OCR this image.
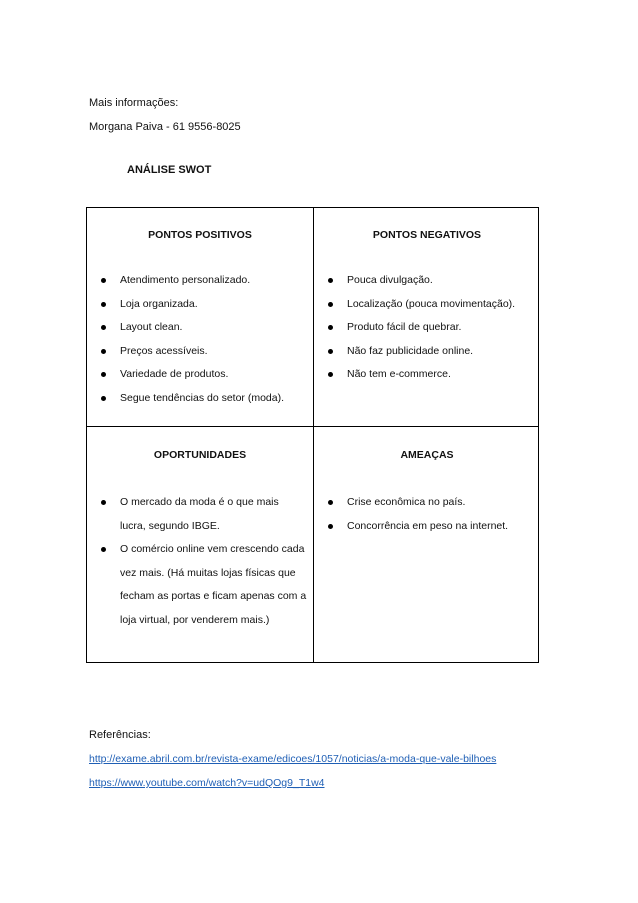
Mais informações:
Morgana Paiva - 61 9556-8025
ANÁLISE SWOT
PONTOS POSITIVOS
Atendimento personalizado.
Loja organizada.
Layout clean.
Preços acessíveis.
Variedade de produtos.
Segue tendências do setor (moda).
PONTOS NEGATIVOS
Pouca divulgação.
Localização (pouca movimentação).
Produto fácil de quebrar.
Não faz publicidade online.
Não tem e-commerce.
OPORTUNIDADES
O mercado da moda é o que mais lucra, segundo IBGE.
O comércio online vem crescendo cada vez mais. (Há muitas lojas físicas que fecham as portas e ficam apenas com a loja virtual, por venderem mais.)
AMEAÇAS
Crise econômica no país.
Concorrência em peso na internet.
Referências:
http://exame.abril.com.br/revista-exame/edicoes/1057/noticias/a-moda-que-vale-bilhoes
https://www.youtube.com/watch?v=udQOg9_T1w4
